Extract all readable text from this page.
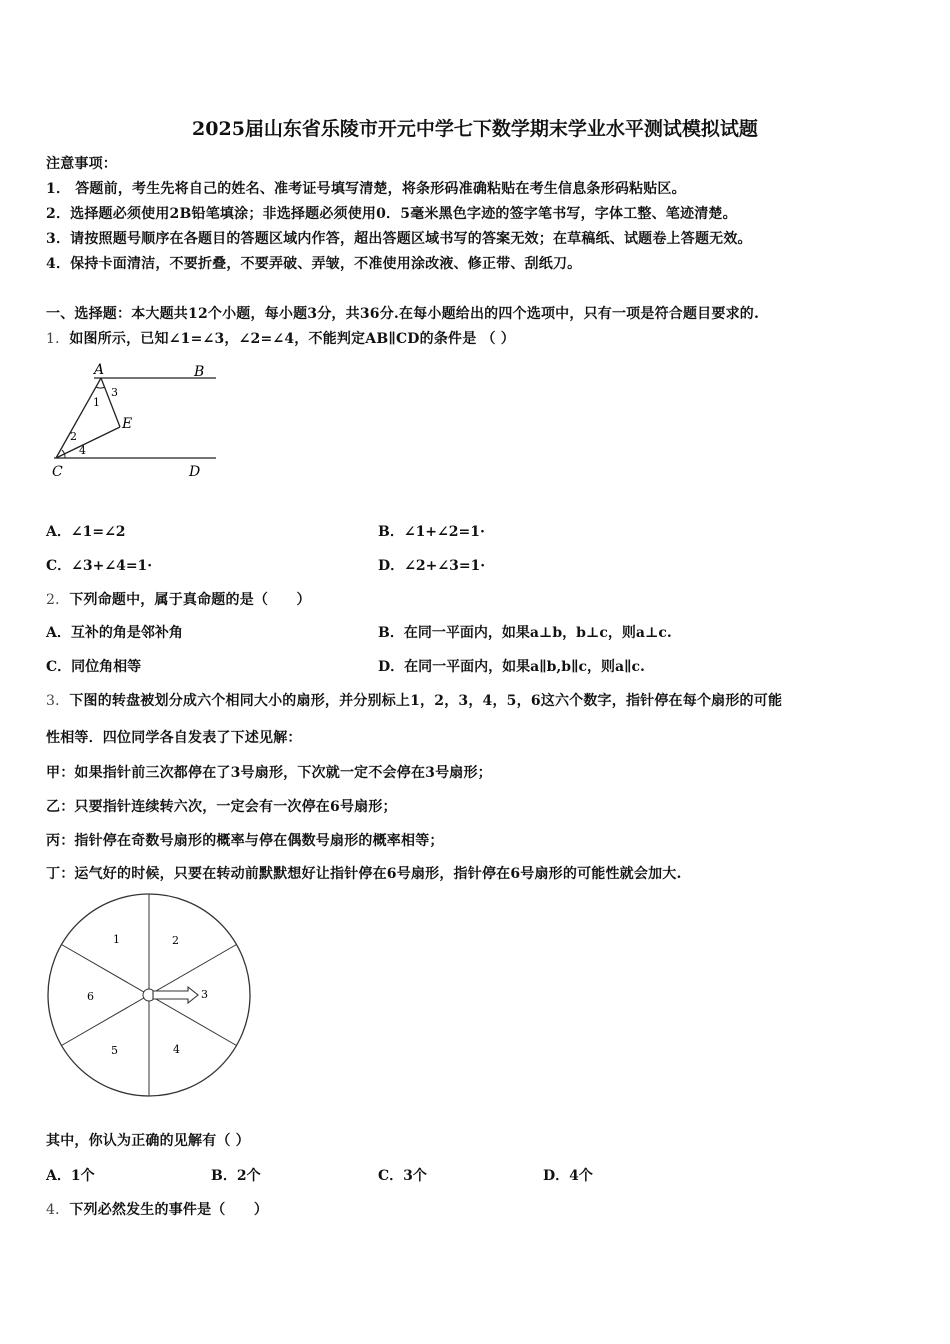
2025届山东省乐陵市开元中学七下数学期末学业水平测试模拟试题
注意事项：
1． 答题前，考生先将自己的姓名、准考证号填写清楚，将条形码准确粘贴在考生信息条形码粘贴区。
2．选择题必须使用2B铅笔填涂；非选择题必须使用0．5毫米黑色字迹的签字笔书写，字体工整、笔迹清楚。
3．请按照题号顺序在各题目的答题区域内作答，超出答题区域书写的答案无效；在草稿纸、试题卷上答题无效。
4．保持卡面清洁，不要折叠，不要弄破、弄皱，不准使用涂改液、修正带、刮纸刀。
一、选择题：本大题共12个小题，每小题3分，共36分.在每小题给出的四个选项中，只有一项是符合题目要求的.
1．如图所示，已知∠1=∠3，∠2=∠4，不能判定AB∥CD的条件是 （ ）
A	B
C	D
E
1
2
3
4
A．∠1=∠2	B．∠1+∠2=1·
C．∠3+∠4=1·	D．∠2+∠3=1·
2．下列命题中，属于真命题的是（　　）
A．互补的角是邻补角	B．在同一平面内，如果a⊥b，b⊥c，则a⊥c.
C．同位角相等	D．在同一平面内，如果a∥b,b∥c，则a∥c.
3．下图的转盘被划分成六个相同大小的扇形，并分别标上1，2，3，4，5，6这六个数字，指针停在每个扇形的可能
性相等．四位同学各自发表了下述见解：
甲：如果指针前三次都停在了3号扇形，下次就一定不会停在3号扇形；
乙：只要指针连续转六次，一定会有一次停在6号扇形；
丙：指针停在奇数号扇形的概率与停在偶数号扇形的概率相等；
丁：运气好的时候，只要在转动前默默想好让指针停在6号扇形，指针停在6号扇形的可能性就会加大.
1	2
3
4
5
6
其中，你认为正确的见解有（ ）
A．1个	B．2个	C．3个	D．4个
4．下列必然发生的事件是（　　）
